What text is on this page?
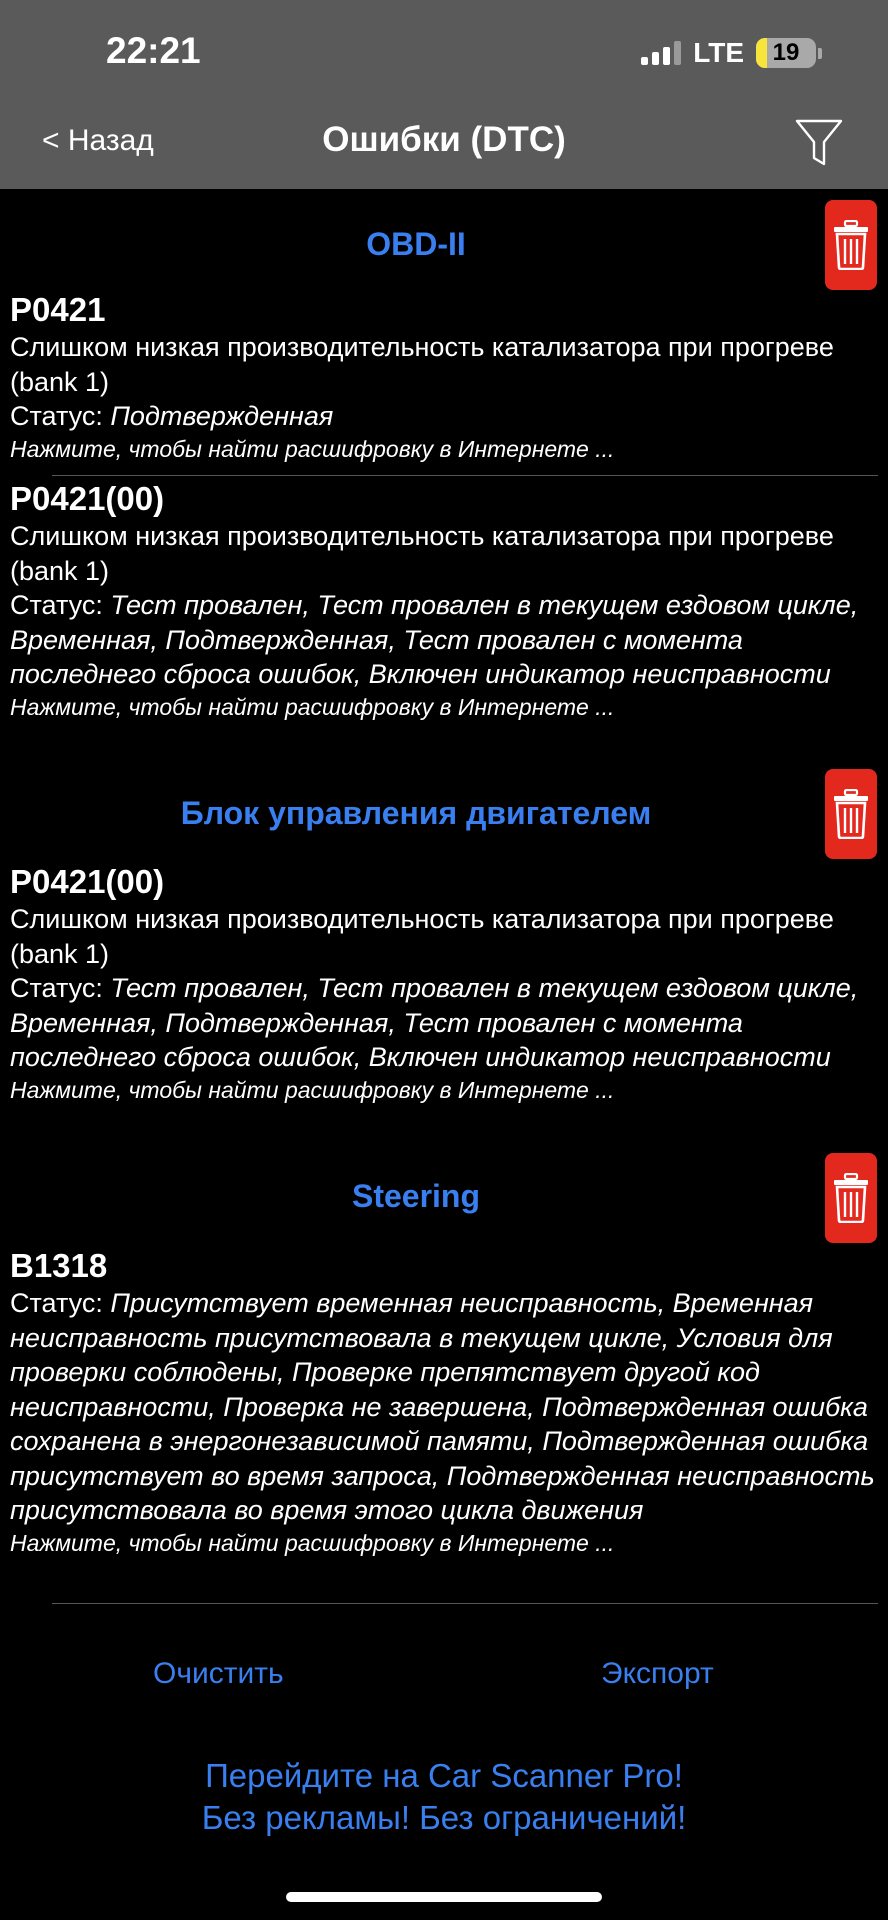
22:21	LTE	19
< Назад	Ошибки (DTC)
OBD-II
P0421
Слишком низкая производительность катализатора при прогреве (bank 1)
Статус: Подтвержденная
Нажмите, чтобы найти расшифровку в Интернете ...
P0421(00)
Слишком низкая производительность катализатора при прогреве (bank 1)
Статус: Тест провален, Тест провален в текущем ездовом цикле, Временная, Подтвержденная, Тест провален с момента последнего сброса ошибок, Включен индикатор неисправности
Нажмите, чтобы найти расшифровку в Интернете ...
Блок управления двигателем
P0421(00)
Слишком низкая производительность катализатора при прогреве (bank 1)
Статус: Тест провален, Тест провален в текущем ездовом цикле, Временная, Подтвержденная, Тест провален с момента последнего сброса ошибок, Включен индикатор неисправности
Нажмите, чтобы найти расшифровку в Интернете ...
Steering
B1318
Статус: Присутствует временная неисправность, Временная неисправность присутствовала в текущем цикле, Условия для проверки соблюдены, Проверке препятствует другой код неисправности, Проверка не завершена, Подтвержденная ошибка сохранена в энергонезависимой памяти, Подтвержденная ошибка присутствует во время запроса, Подтвержденная неисправность присутствовала во время этого цикла движения
Нажмите, чтобы найти расшифровку в Интернете ...
Очистить	Экспорт
Перейдите на Car Scanner Pro!
Без рекламы! Без ограничений!
